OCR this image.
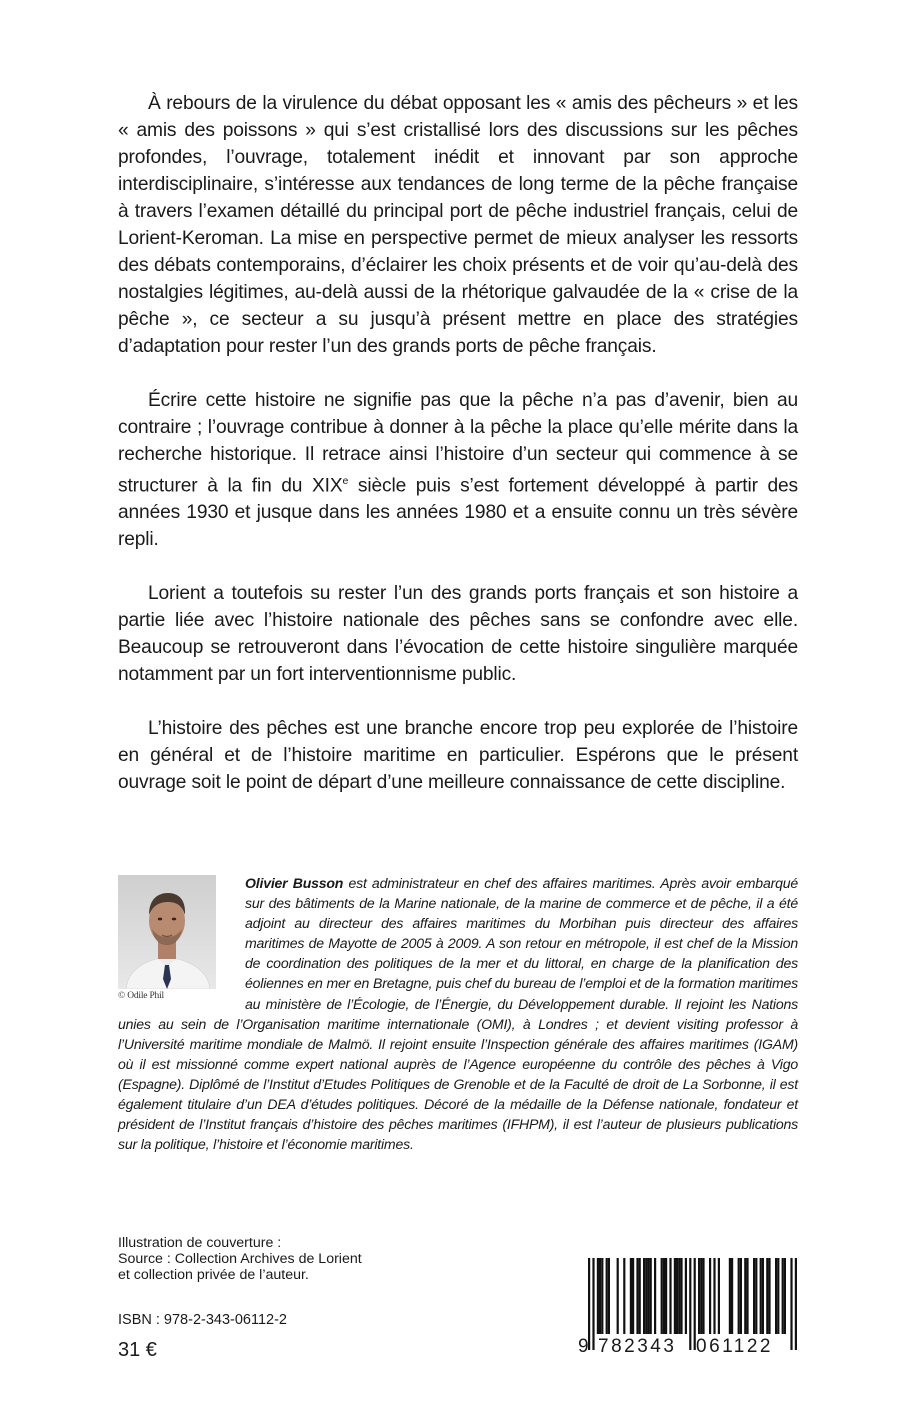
À rebours de la virulence du débat opposant les « amis des pêcheurs » et les « amis des poissons » qui s’est cristallisé lors des discussions sur les pêches profondes, l’ouvrage, totalement inédit et innovant par son approche interdisciplinaire, s’intéresse aux tendances de long terme de la pêche française à travers l’examen détaillé du principal port de pêche industriel français, celui de Lorient-Keroman. La mise en perspective permet de mieux analyser les ressorts des débats contemporains, d’éclairer les choix présents et de voir qu’au-delà des nostalgies légitimes, au-delà aussi de la rhétorique galvaudée de la « crise de la pêche », ce secteur a su jusqu’à présent mettre en place des stratégies d’adaptation pour rester l’un des grands ports de pêche français.

Écrire cette histoire ne signifie pas que la pêche n’a pas d’avenir, bien au contraire ; l’ouvrage contribue à donner à la pêche la place qu’elle mérite dans la recherche historique. Il retrace ainsi l’histoire d’un secteur qui commence à se structurer à la fin du XIXe siècle puis s’est fortement développé à partir des années 1930 et jusque dans les années 1980 et a ensuite connu un très sévère repli.

Lorient a toutefois su rester l’un des grands ports français et son histoire a partie liée avec l’histoire nationale des pêches sans se confondre avec elle. Beaucoup se retrouveront dans l’évocation de cette histoire singulière marquée notamment par un fort interventionnisme public.

L’histoire des pêches est une branche encore trop peu explorée de l’histoire en général et de l’histoire maritime en particulier. Espérons que le présent ouvrage soit le point de départ d’une meilleure connaissance de cette discipline.

© Odile Phil
Olivier Busson est administrateur en chef des affaires maritimes. Après avoir embarqué sur des bâtiments de la Marine nationale, de la marine de commerce et de pêche, il a été adjoint au directeur des affaires maritimes du Morbihan puis directeur des affaires maritimes de Mayotte de 2005 à 2009. A son retour en métropole, il est chef de la Mission de coordination des politiques de la mer et du littoral, en charge de la planification des éoliennes en mer en Bretagne, puis chef du bureau de l’emploi et de la formation maritimes au ministère de l’Écologie, de l’Énergie, du Développement durable. Il rejoint les Nations unies au sein de l’Organisation maritime internationale (OMI), à Londres ; et devient visiting professor à l’Université maritime mondiale de Malmö. Il rejoint ensuite l’Inspection générale des affaires maritimes (IGAM) où il est missionné comme expert national auprès de l’Agence européenne du contrôle des pêches à Vigo (Espagne). Diplômé de l’Institut d’Etudes Politiques de Grenoble et de la Faculté de droit de La Sorbonne, il est également titulaire d’un DEA d’études politiques. Décoré de la médaille de la Défense nationale, fondateur et président de l’Institut français d’histoire des pêches maritimes (IFHPM), il est l’auteur de plusieurs publications sur la politique, l’histoire et l’économie maritimes.
Illustration de couverture :
Source : Collection Archives de Lorient
et collection privée de l’auteur.
ISBN : 978-2-343-06112-2
31 €	9 782343 061122
